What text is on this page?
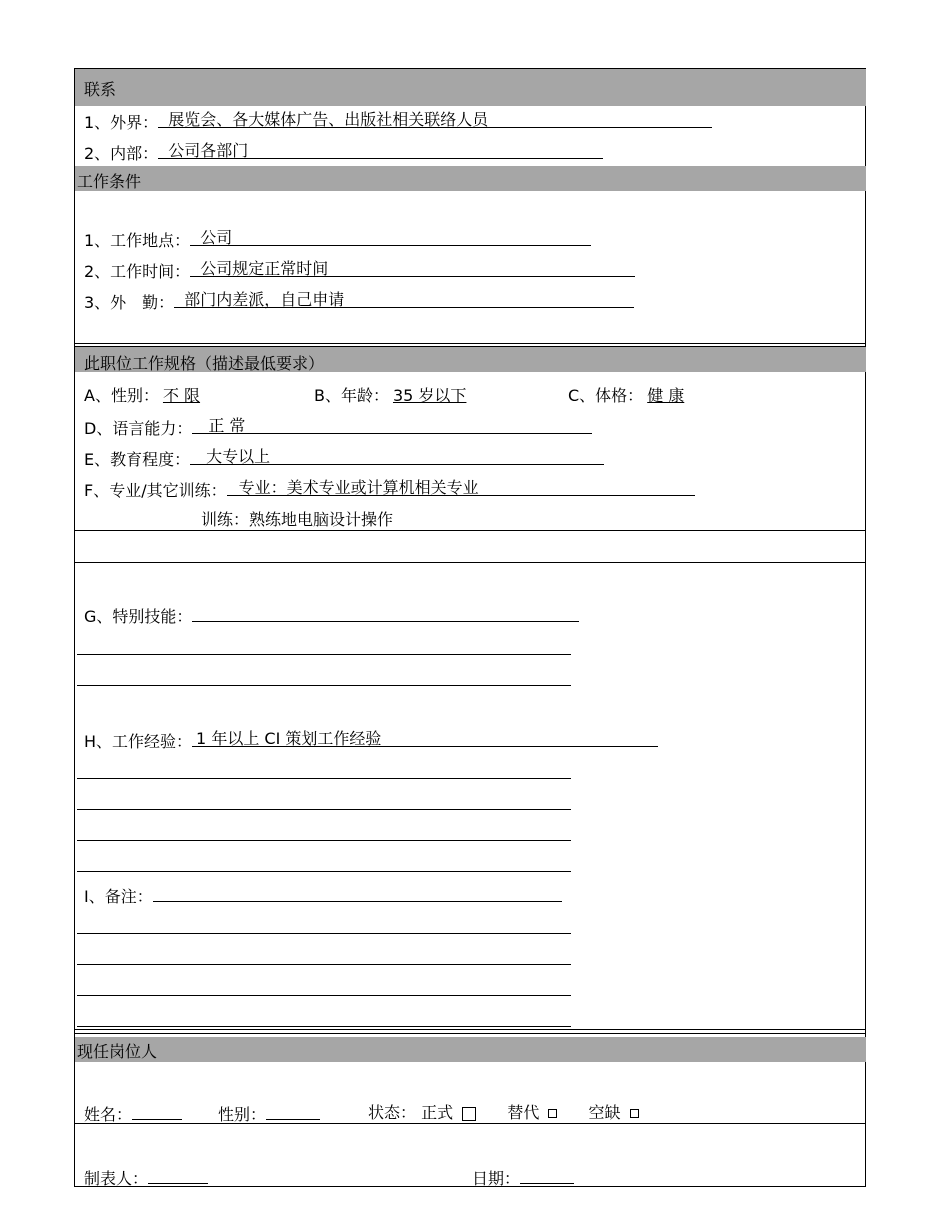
联系
1、外界： 展览会、各大媒体广告、出版社相关联络人员
2、内部： 公司各部门
工作条件
1、工作地点： 公司
2、工作时间： 公司规定正常时间
3、外　勤： 部门内差派，自己申请
此职位工作规格（描述最低要求）
A、性别： 不 限	B、年龄： 35 岁以下	C、体格： 健 康
D、语言能力： 正 常
E、教育程度： 大专以上
F、专业/其它训练： 专业：美术专业或计算机相关专业
训练：熟练地电脑设计操作
G、特别技能：
H、工作经验： 1 年以上 CI 策划工作经验
I、备注：
现任岗位人
姓名：	性别：	状态： 正式	替代	空缺
制表人：	日期：
